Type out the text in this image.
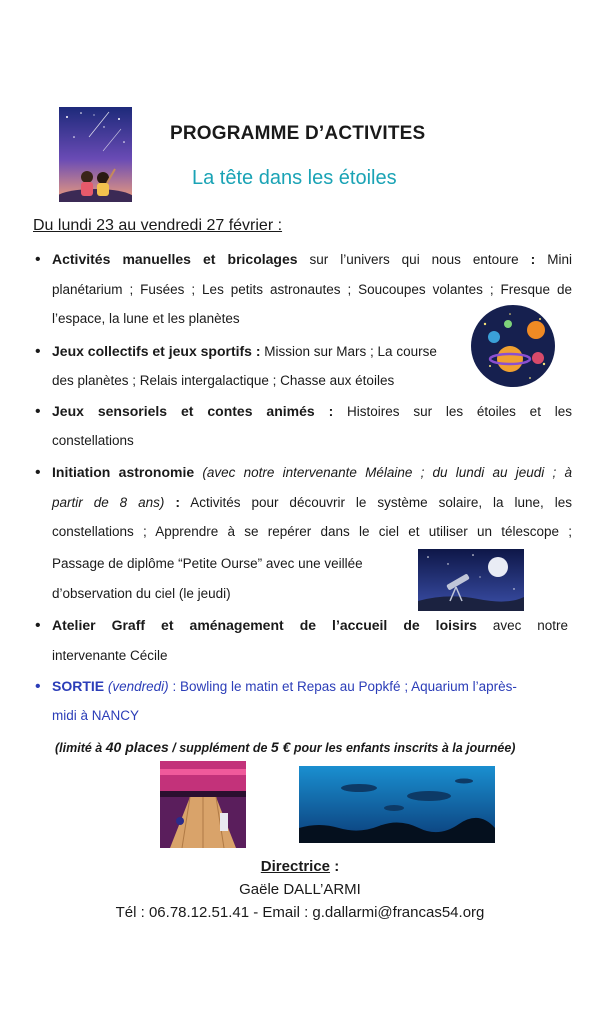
PROGRAMME D’ACTIVITES
La tête dans les étoiles
Du lundi 23 au vendredi 27 février :
• Activités manuelles et bricolages sur l’univers qui nous entoure : Mini
planétarium ; Fusées ; Les petits astronautes ; Soucoupes volantes ; Fresque de
l’espace, la lune et les planètes
• Jeux collectifs et jeux sportifs : Mission sur Mars ; La course
des planètes ; Relais intergalactique ; Chasse aux étoiles
• Jeux sensoriels et contes animés : Histoires sur les étoiles et les
constellations
• Initiation astronomie (avec notre intervenante Mélaine ; du lundi au jeudi ; à
partir de 8 ans) : Activités pour découvrir le système solaire, la lune, les
constellations ; Apprendre à se repérer dans le ciel et utiliser un télescope ;
Passage de diplôme “Petite Ourse” avec une veillée
d’observation du ciel (le jeudi)
• Atelier Graff et aménagement de l’accueil de loisirs avec notre
intervenante Cécile
• SORTIE (vendredi) : Bowling le matin et Repas au Popkfé ; Aquarium l’après-
midi à NANCY
(limité à 40 places / supplément de 5 € pour les enfants inscrits à la journée)
Directrice :
Gaële DALL’ARMI
Tél : 06.78.12.51.41 - Email : g.dallarmi@francas54.org
